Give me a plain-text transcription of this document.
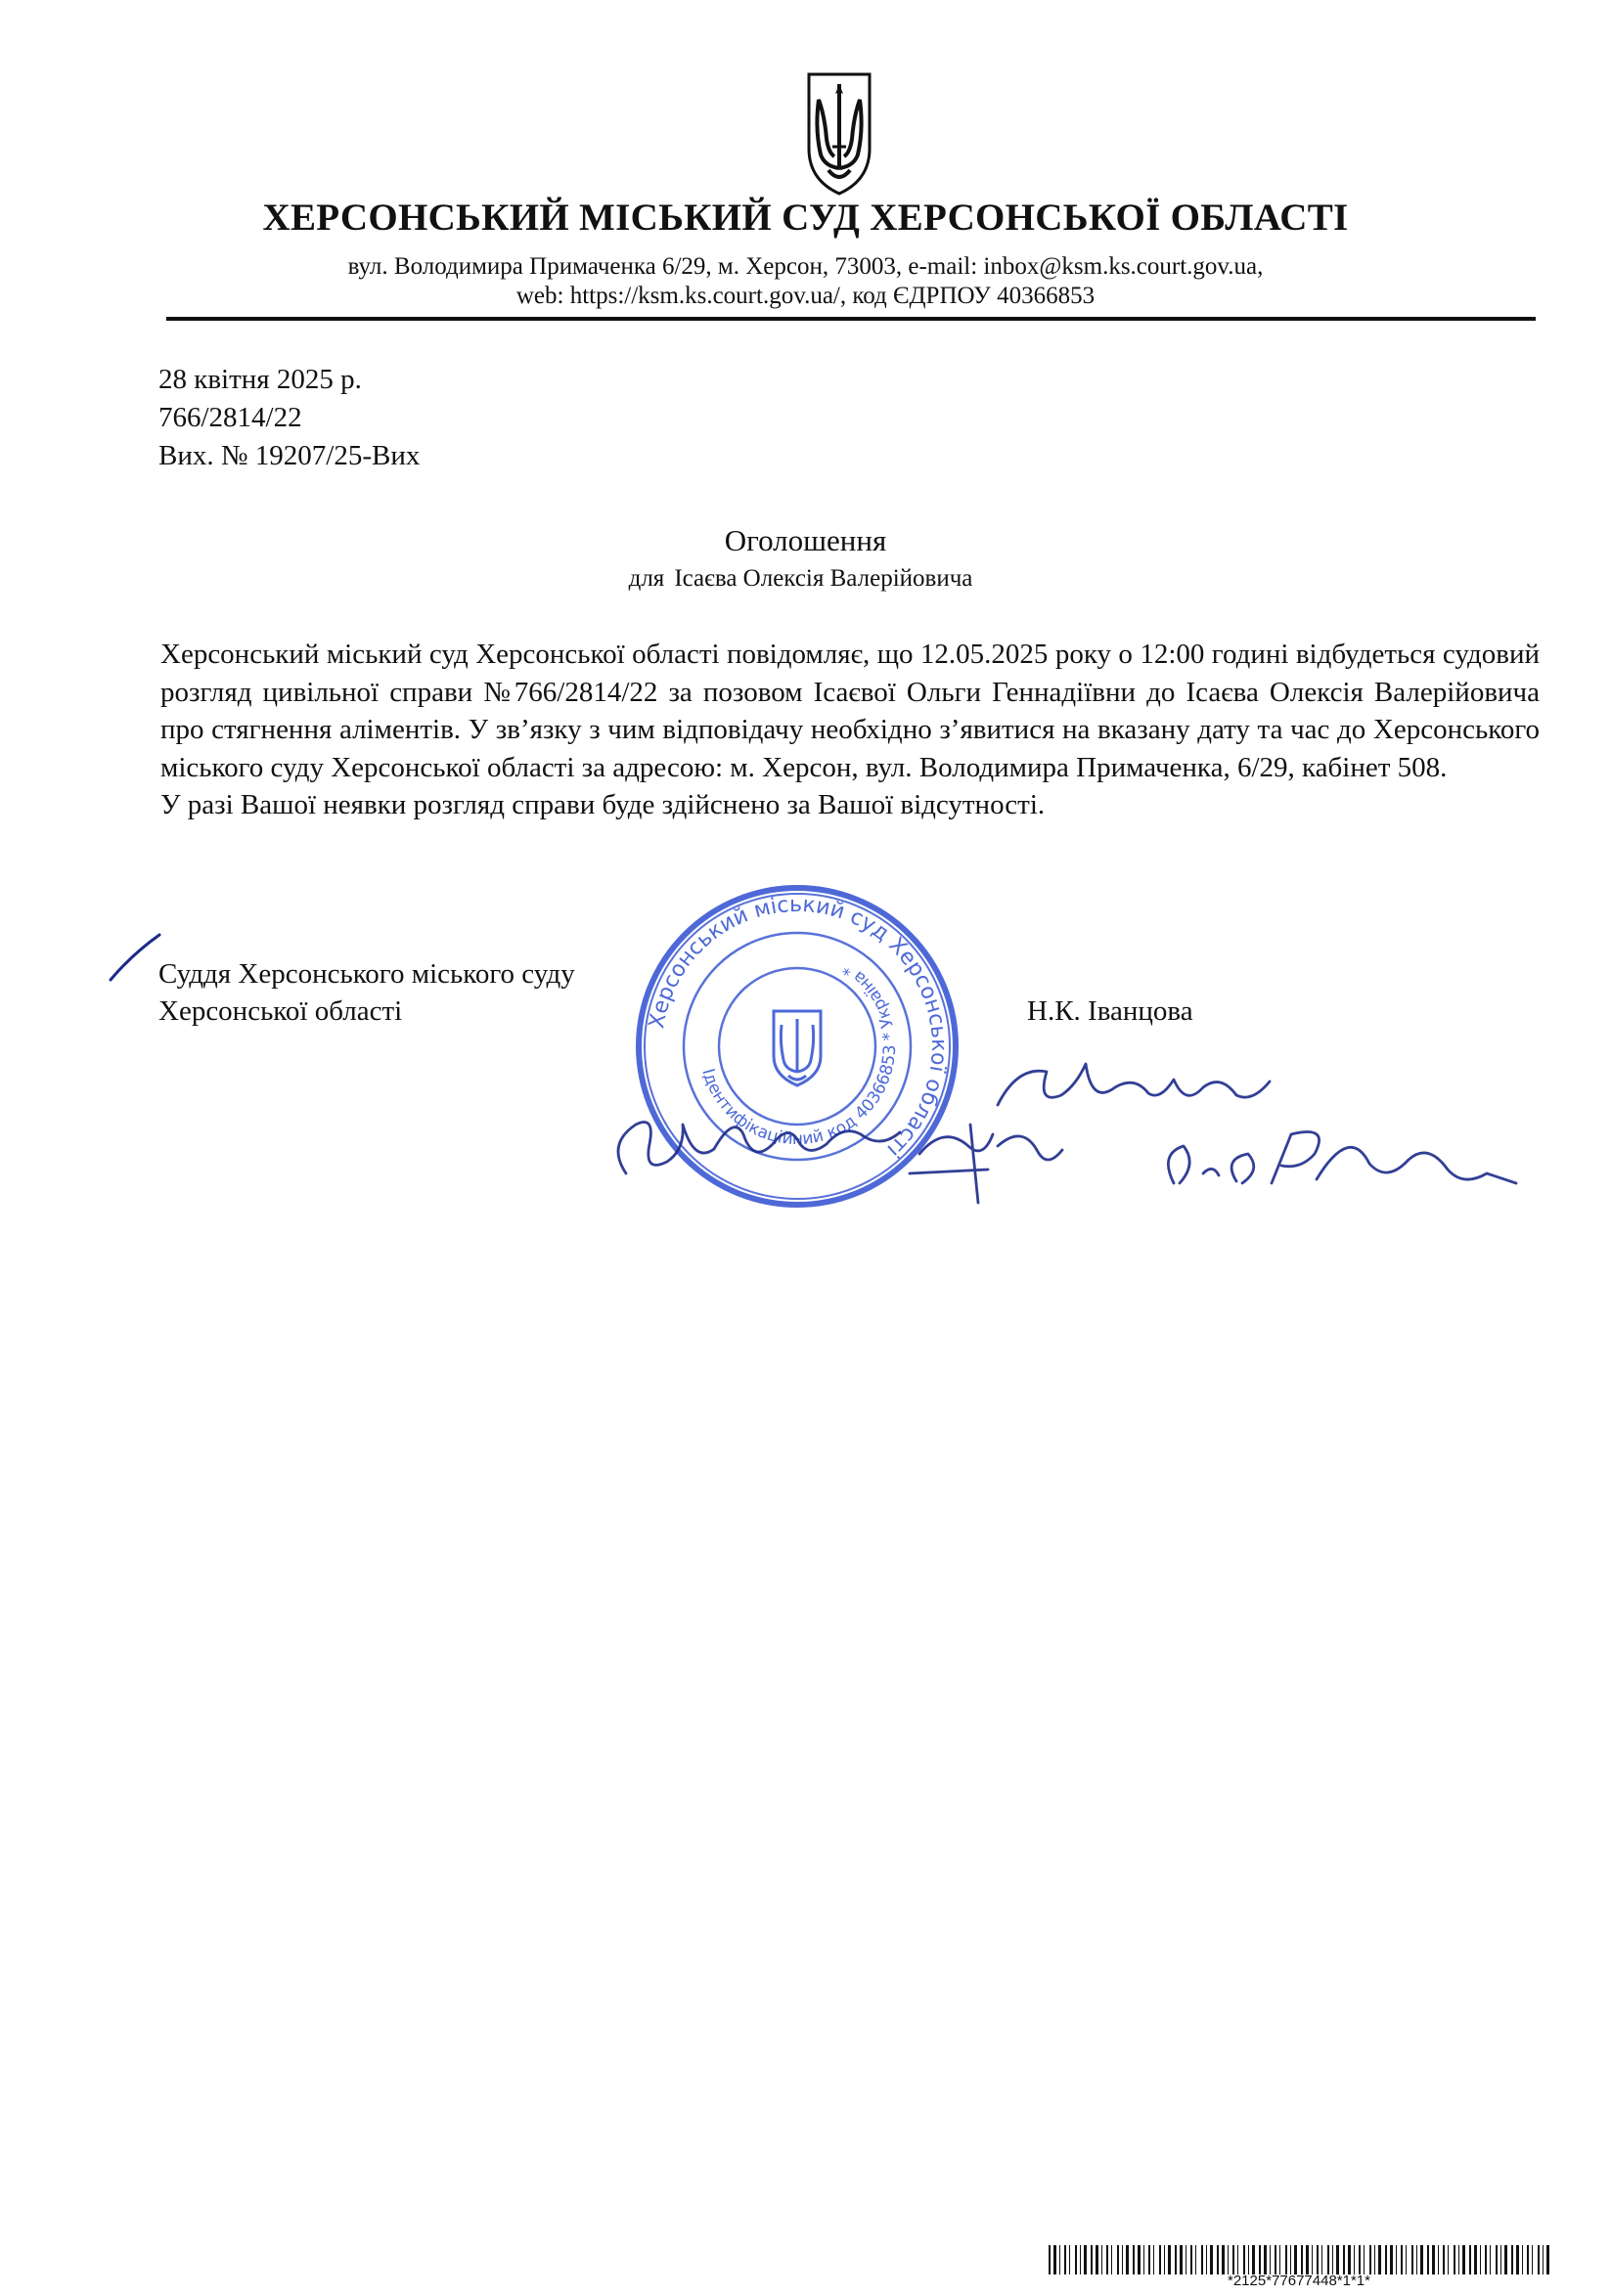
ХЕРСОНСЬКИЙ МІСЬКИЙ СУД ХЕРСОНСЬКОЇ ОБЛАСТІ
вул. Володимира Примаченка 6/29, м. Херсон, 73003, e-mail: inbox@ksm.ks.court.gov.ua,
web: https://ksm.ks.court.gov.ua/, код ЄДРПОУ 40366853
28 квітня 2025 р.
766/2814/22
Вих. № 19207/25-Вих
Оголошення
для Ісаєва Олексія Валерійовича

Херсонський міський суд Херсонської області повідомляє, що 12.05.2025 року о 12:00 годині відбудеться судовий розгляд цивільної справи №766/2814/22 за позовом Ісаєвої Ольги Геннадіївни до Ісаєва Олексія Валерійовича про стягнення аліментів. У зв’язку з чим відповідачу необхідно з’явитися на вказану дату та час до Херсонського міського суду Херсонської області за адресою: м. Херсон, вул. Володимира Примаченка, 6/29, кабінет 508.

У разі Вашої неявки розгляд справи буде здійснено за Вашої відсутності.

Суддя Херсонського міського суду
Херсонської області	Н.К. Іванцова
Херсонський міський суд Херсонської області
Ідентифікаційний код 40366853 * Україна *
*2125*77677448*1*1*
